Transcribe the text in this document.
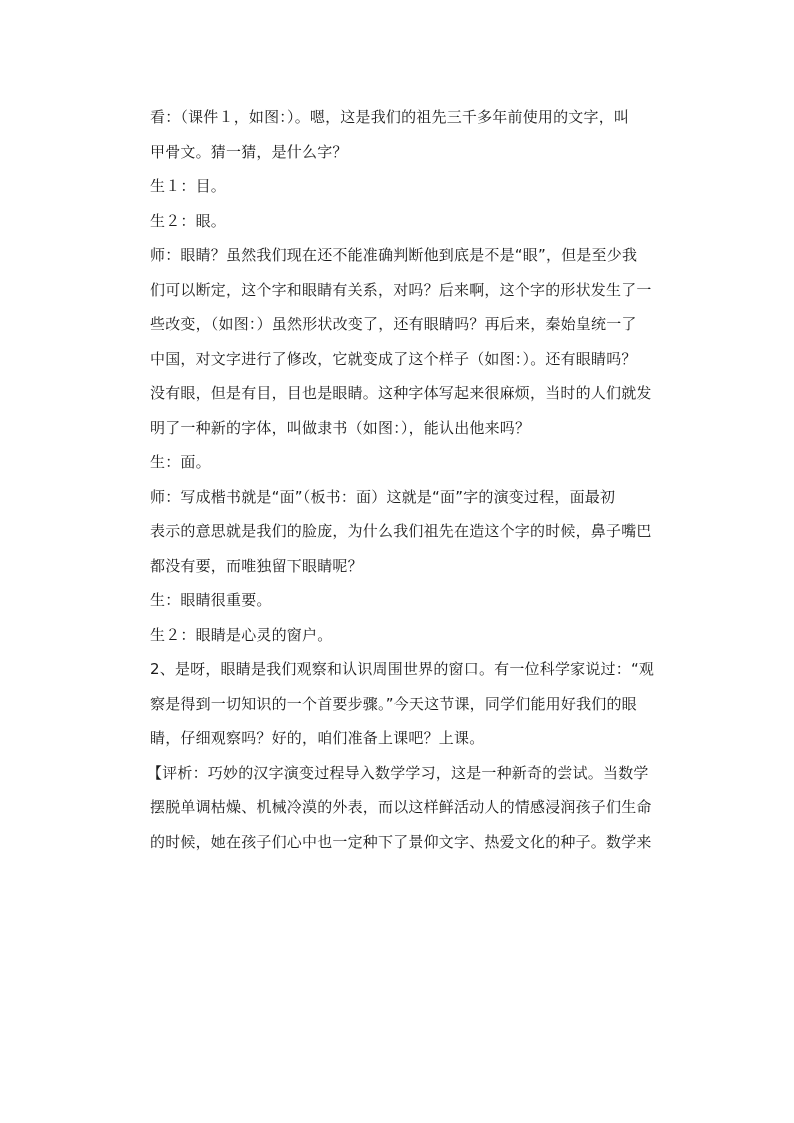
看：（课件１，如图：）。嗯，这是我们的祖先三千多年前使用的文字，叫
甲骨文。猜一猜，是什么字？
生１：目。
生２：眼。
师：眼睛？虽然我们现在还不能准确判断他到底是不是“眼”，但是至少我
们可以断定，这个字和眼睛有关系，对吗？后来啊，这个字的形状发生了一
些改变，（如图：）虽然形状改变了，还有眼睛吗？再后来，秦始皇统一了
中国，对文字进行了修改，它就变成了这个样子（如图：）。还有眼睛吗？
没有眼，但是有目，目也是眼睛。这种字体写起来很麻烦，当时的人们就发
明了一种新的字体，叫做隶书（如图：），能认出他来吗？
生：面。
师：写成楷书就是“面”（板书：面）这就是“面”字的演变过程，面最初
表示的意思就是我们的脸庞，为什么我们祖先在造这个字的时候，鼻子嘴巴
都没有要，而唯独留下眼睛呢？
生：眼睛很重要。
生２：眼睛是心灵的窗户。
2、是呀，眼睛是我们观察和认识周围世界的窗口。有一位科学家说过：“观
察是得到一切知识的一个首要步骤。”今天这节课，同学们能用好我们的眼
睛，仔细观察吗？好的，咱们准备上课吧？上课。
【评析：巧妙的汉字演变过程导入数学学习，这是一种新奇的尝试。当数学
摆脱单调枯燥、机械冷漠的外表，而以这样鲜活动人的情感浸润孩子们生命
的时候，她在孩子们心中也一定种下了景仰文字、热爱文化的种子。数学来
